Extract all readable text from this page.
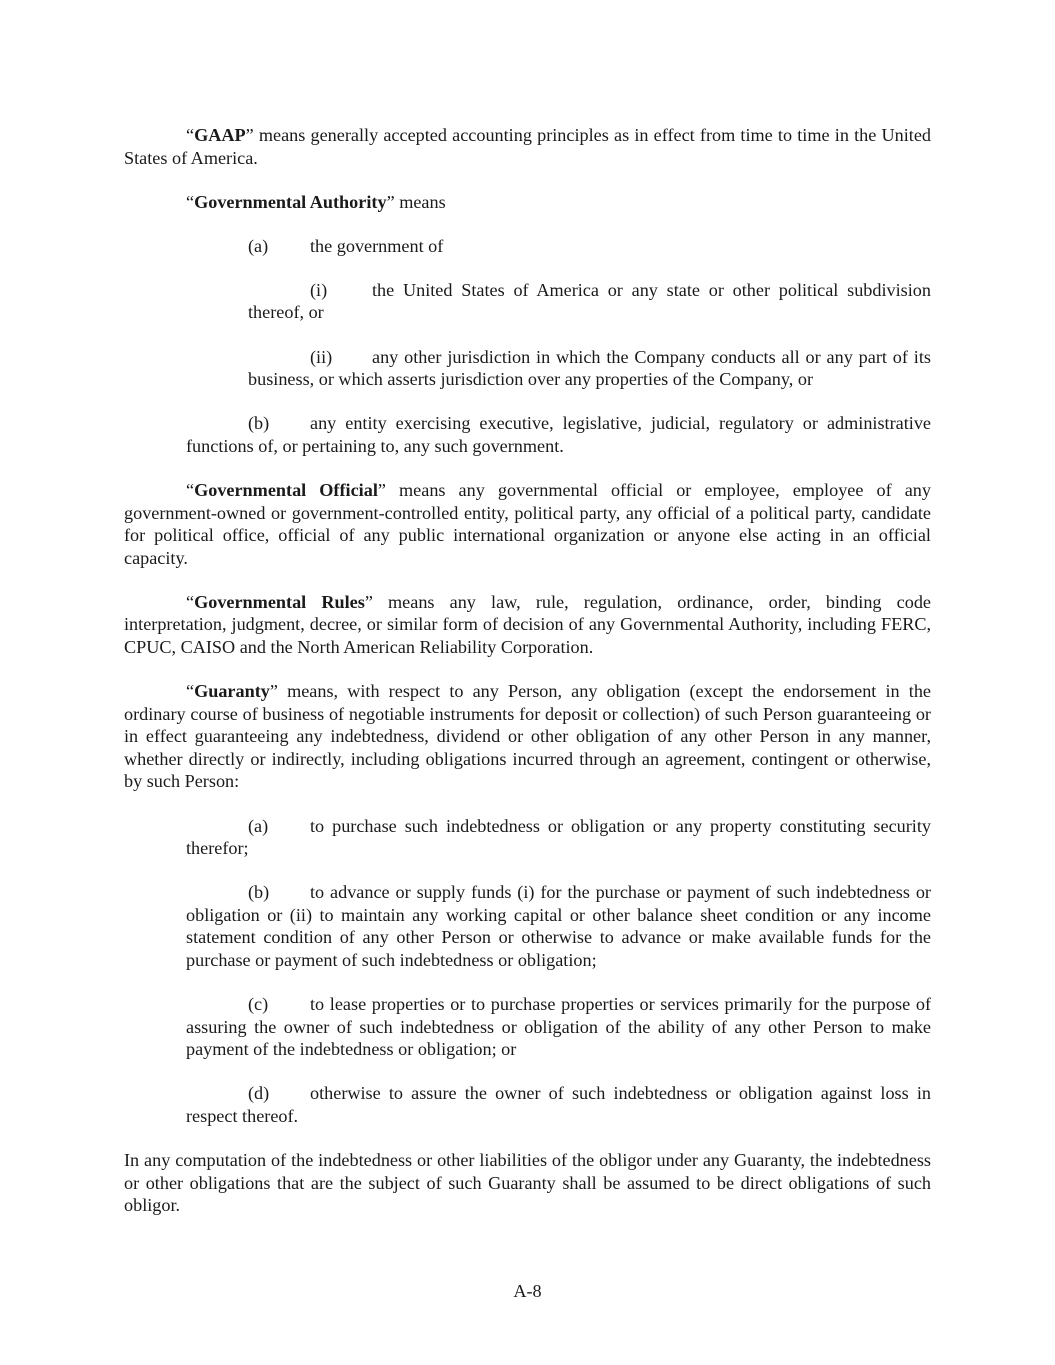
“GAAP” means generally accepted accounting principles as in effect from time to time in the United States of America.

“Governmental Authority” means

(a) the government of

(i) the United States of America or any state or other political subdivision thereof, or

(ii) any other jurisdiction in which the Company conducts all or any part of its business, or which asserts jurisdiction over any properties of the Company, or

(b) any entity exercising executive, legislative, judicial, regulatory or administrative functions of, or pertaining to, any such government.

“Governmental Official” means any governmental official or employee, employee of any government-owned or government-controlled entity, political party, any official of a political party, candidate for political office, official of any public international organization or anyone else acting in an official capacity.

“Governmental Rules” means any law, rule, regulation, ordinance, order, binding code interpretation, judgment, decree, or similar form of decision of any Governmental Authority, including FERC, CPUC, CAISO and the North American Reliability Corporation.

“Guaranty” means, with respect to any Person, any obligation (except the endorsement in the ordinary course of business of negotiable instruments for deposit or collection) of such Person guaranteeing or in effect guaranteeing any indebtedness, dividend or other obligation of any other Person in any manner, whether directly or indirectly, including obligations incurred through an agreement, contingent or otherwise, by such Person:

(a) to purchase such indebtedness or obligation or any property constituting security therefor;

(b) to advance or supply funds (i) for the purchase or payment of such indebtedness or obligation or (ii) to maintain any working capital or other balance sheet condition or any income statement condition of any other Person or otherwise to advance or make available funds for the purchase or payment of such indebtedness or obligation;

(c) to lease properties or to purchase properties or services primarily for the purpose of assuring the owner of such indebtedness or obligation of the ability of any other Person to make payment of the indebtedness or obligation; or

(d) otherwise to assure the owner of such indebtedness or obligation against loss in respect thereof.

In any computation of the indebtedness or other liabilities of the obligor under any Guaranty, the indebtedness or other obligations that are the subject of such Guaranty shall be assumed to be direct obligations of such obligor.

A-8
